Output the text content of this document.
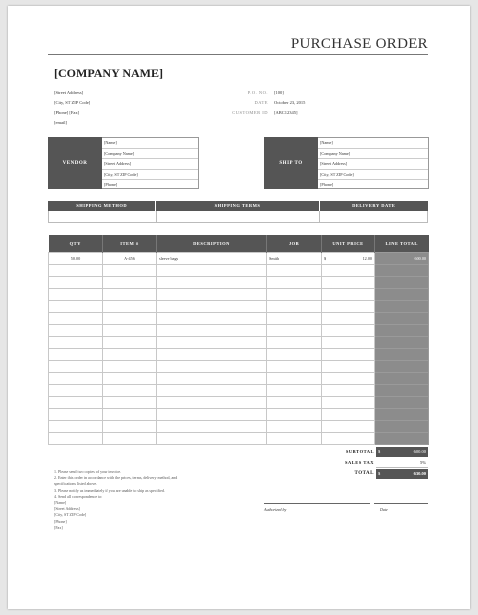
PURCHASE ORDER
[COMPANY NAME]
[Street Address]
[City, ST ZIP Code]
[Phone] [Fax]
[email]
P.O. NO. [100]
DATE October 23, 2015
CUSTOMER ID [ABC12345]
VENDOR
[Name]
[Company Name]
[Street Address]
[City, ST ZIP Code]
[Phone]
SHIP TO
[Name]
[Company Name]
[Street Address]
[City, ST ZIP Code]
[Phone]
SHIPPING METHOD	SHIPPING TERMS	DELIVERY DATE
QTY	ITEM #	DESCRIPTION	JOB	UNIT PRICE	LINE TOTAL
50.00	A-456	sleeve bags	Smith	$ 12.00	600.00

SUBTOTAL $	600.00
SALES TAX	5%
TOTAL $	630.00
1. Please send two copies of your invoice.
2. Enter this order in accordance with the prices, terms, delivery method, and
specifications listed above.
3. Please notify us immediately if you are unable to ship as specified.
4. Send all correspondence to:
[Name]
[Street Address]
[City, ST ZIP Code]
[Phone]
[Fax]
Authorized by	Date
